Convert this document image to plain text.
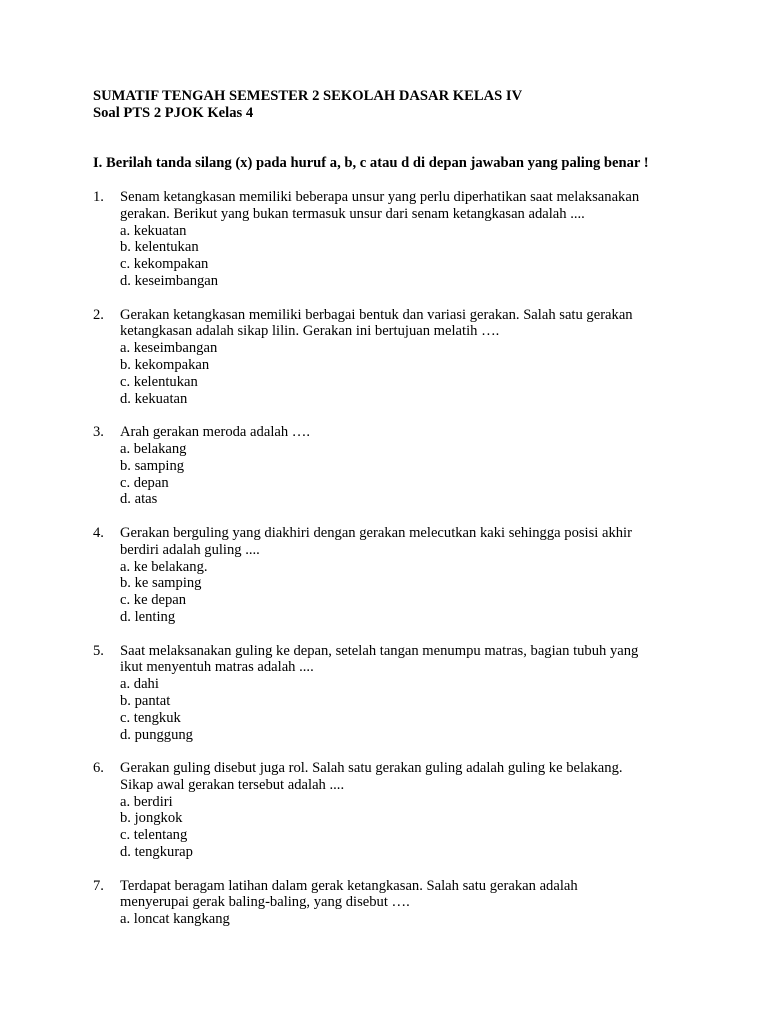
SUMATIF TENGAH SEMESTER 2 SEKOLAH DASAR KELAS IV
Soal PTS 2 PJOK Kelas 4
I. Berilah tanda silang (x) pada huruf a, b, c atau d di depan jawaban yang paling benar !
1.	Senam ketangkasan memiliki beberapa unsur yang perlu diperhatikan saat melaksanakan
gerakan. Berikut yang bukan termasuk unsur dari senam ketangkasan adalah ....
a. kekuatan
b. kelentukan
c. kekompakan
d. keseimbangan
2.	Gerakan ketangkasan memiliki berbagai bentuk dan variasi gerakan. Salah satu gerakan
ketangkasan adalah sikap lilin. Gerakan ini bertujuan melatih ….
a. keseimbangan
b. kekompakan
c. kelentukan
d. kekuatan
3.	Arah gerakan meroda adalah ….
a. belakang
b. samping
c. depan
d. atas
4.	Gerakan berguling yang diakhiri dengan gerakan melecutkan kaki sehingga posisi akhir
berdiri adalah guling ....
a. ke belakang.
b. ke samping
c. ke depan
d. lenting
5.	Saat melaksanakan guling ke depan, setelah tangan menumpu matras, bagian tubuh yang
ikut menyentuh matras adalah ....
a. dahi
b. pantat
c. tengkuk
d. punggung
6.	Gerakan guling disebut juga rol. Salah satu gerakan guling adalah guling ke belakang.
Sikap awal gerakan tersebut adalah ....
a. berdiri
b. jongkok
c. telentang
d. tengkurap
7.	Terdapat beragam latihan dalam gerak ketangkasan. Salah satu gerakan adalah
menyerupai gerak baling-baling, yang disebut ….
a. loncat kangkang
